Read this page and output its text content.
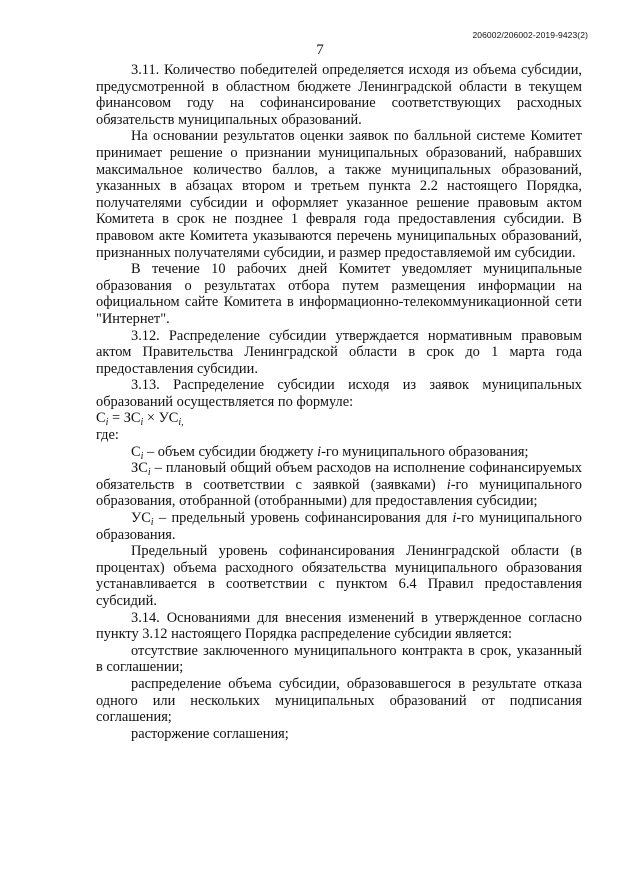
206002/206002-2019-9423(2)
7

3.11. Количество победителей определяется исходя из объема субсидии, предусмотренной в областном бюджете Ленинградской области в текущем финансовом году на софинансирование соответствующих расходных обязательств муниципальных образований.

На основании результатов оценки заявок по балльной системе Комитет принимает решение о признании муниципальных образований, набравших максимальное количество баллов, а также муниципальных образований, указанных в абзацах втором и третьем пункта 2.2 настоящего Порядка, получателями субсидии и оформляет указанное решение правовым актом Комитета в срок не позднее 1 февраля года предоставления субсидии. В правовом акте Комитета указываются перечень муниципальных образований, признанных получателями субсидии, и размер предоставляемой им субсидии.

В течение 10 рабочих дней Комитет уведомляет муниципальные образования о результатах отбора путем размещения информации на официальном сайте Комитета в информационно-телекоммуникационной сети "Интернет".

3.12. Распределение субсидии утверждается нормативным правовым актом Правительства Ленинградской области в срок до 1 марта года предоставления субсидии.

3.13. Распределение субсидии исходя из заявок муниципальных образований осуществляется по формуле:

$С_i = ЗС_i \times УС_{i,}$

где:

$С_i$ – объем субсидии бюджету i-го муниципального образования;

$ЗС_i$ – плановый общий объем расходов на исполнение софинансируемых обязательств в соответствии с заявкой (заявками) i-го муниципального образования, отобранной (отобранными) для предоставления субсидии;

$УС_i$ – предельный уровень софинансирования для i-го муниципального образования.

Предельный уровень софинансирования Ленинградской области (в процентах) объема расходного обязательства муниципального образования устанавливается в соответствии с пунктом 6.4 Правил предоставления субсидий.

3.14. Основаниями для внесения изменений в утвержденное согласно пункту 3.12 настоящего Порядка распределение субсидии является:

отсутствие заключенного муниципального контракта в срок, указанный в соглашении;

распределение объема субсидии, образовавшегося в результате отказа одного или нескольких муниципальных образований от подписания соглашения;

расторжение соглашения;
